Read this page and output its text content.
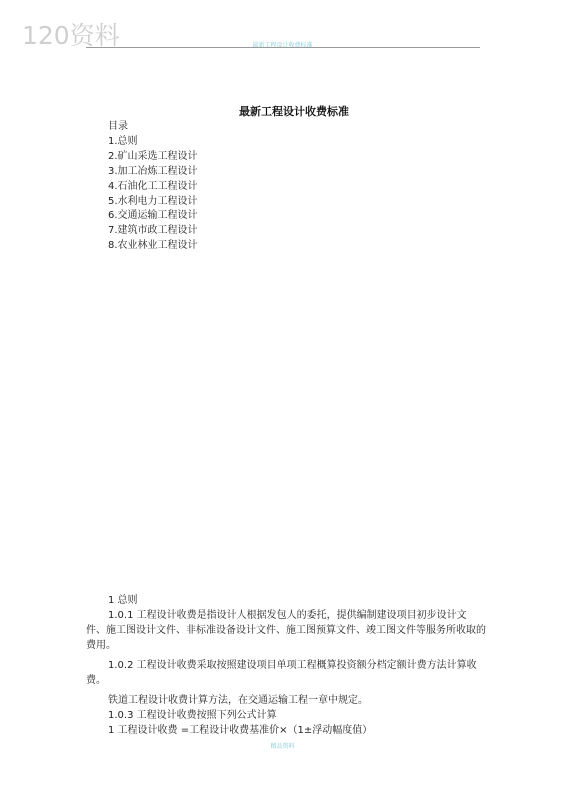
120资料	最新工程设计收费标准
最新工程设计收费标准
目录
1.总则
2.矿山采选工程设计
3.加工冶炼工程设计
4.石油化工工程设计
5.水利电力工程设计
6.交通运输工程设计
7.建筑市政工程设计
8.农业林业工程设计

1 总则

1.0.1 工程设计收费是指设计人根据发包人的委托，提供编制建设项目初步设计文件、施工图设计文件、非标准设备设计文件、施工图预算文件、竣工图文件等服务所收取的费用。

1.0.2 工程设计收费采取按照建设项目单项工程概算投资额分档定额计费方法计算收费。

铁道工程设计收费计算方法，在交通运输工程一章中规定。

1.0.3 工程设计收费按照下列公式计算

1 工程设计收费 =工程设计收费基准价×（1±浮动幅度值）

精品资料
